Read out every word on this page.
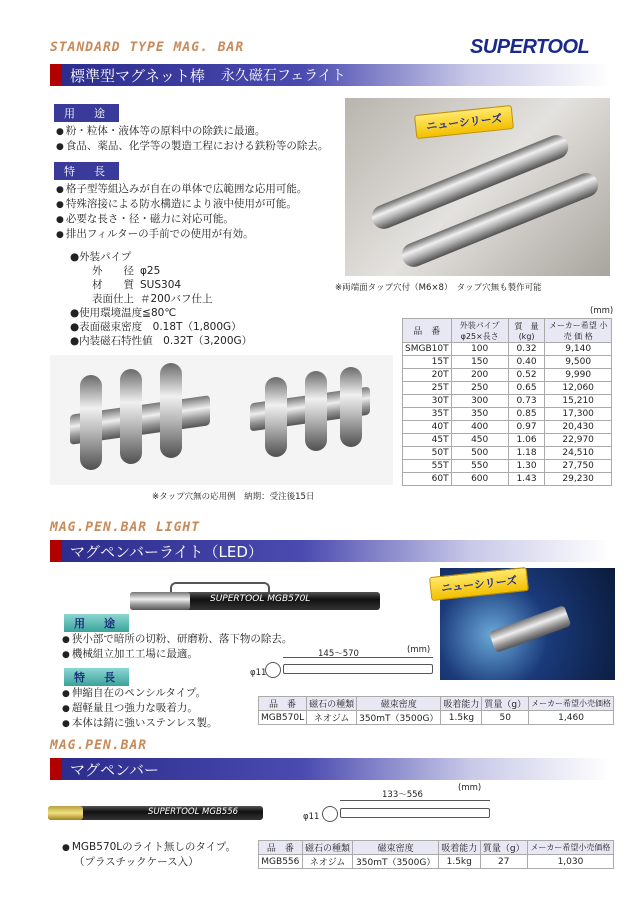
STANDARD TYPE MAG. BAR	SUPERTOOL
標準型マグネット棒 永久磁石フェライト
用　途
● 粉・粒体・液体等の原料中の除鉄に最適。
● 食品、薬品、化学等の製造工程における鉄粉等の除去。
特　長
● 格子型等組込みが自在の単体で広範囲な応用可能。
● 特殊溶接による防水構造により液中使用が可能。
● 必要な長さ・径・磁力に対応可能。
● 排出フィルターの手前での使用が有効。
●外装パイプ
外　　径 φ25
材　　質 SUS304
表面仕上 ＃200バフ仕上
●使用環境温度≦80℃
●表面磁束密度　0.18T（1,800G）
●内装磁石特性値　0.32T（3,200G）
ニューシリーズ
※両端面タップ穴付（M6×8）　タップ穴無も製作可能
※タップ穴無の応用例　納期：受注後15日
(mm)
品　番	外装パイプ φ25×長さ	質　量 (kg)	メーカー希望 小 売 価 格
SMGB10T	100	0.32	9,140
15T	150	0.40	9,500
20T	200	0.52	9,990
25T	250	0.65	12,060
30T	300	0.73	15,210
35T	350	0.85	17,300
40T	400	0.97	20,430
45T	450	1.06	22,970
50T	500	1.18	24,510
55T	550	1.30	27,750
60T	600	1.43	29,230
MAG.PEN.BAR LIGHT
マグペンバーライト（LED）
SUPERTOOL MGB570L
ニューシリーズ
用　途
● 狭小部で暗所の切粉、研磨粉、落下物の除去。
● 機械組立加工工場に最適。
特　長
● 伸縮自在のペンシルタイプ。
● 超軽量且つ強力な吸着力。
● 本体は錆に強いステンレス製。
(mm)
145～570
φ11
品　番	磁石の種類	磁束密度	吸着能力	質量（g）	メーカー希望小売価格
MGB570L	ネオジム	350mT（3500G）	1.5kg	50	1,460
MAG.PEN.BAR
マグペンバー
SUPERTOOL MGB556
● MGB570Lのライト無しのタイプ。
（プラスチックケース入）
(mm)
133～556
φ11
品　番	磁石の種類	磁束密度	吸着能力	質量（g）	メーカー希望小売価格
MGB556	ネオジム	350mT（3500G）	1.5kg	27	1,030
